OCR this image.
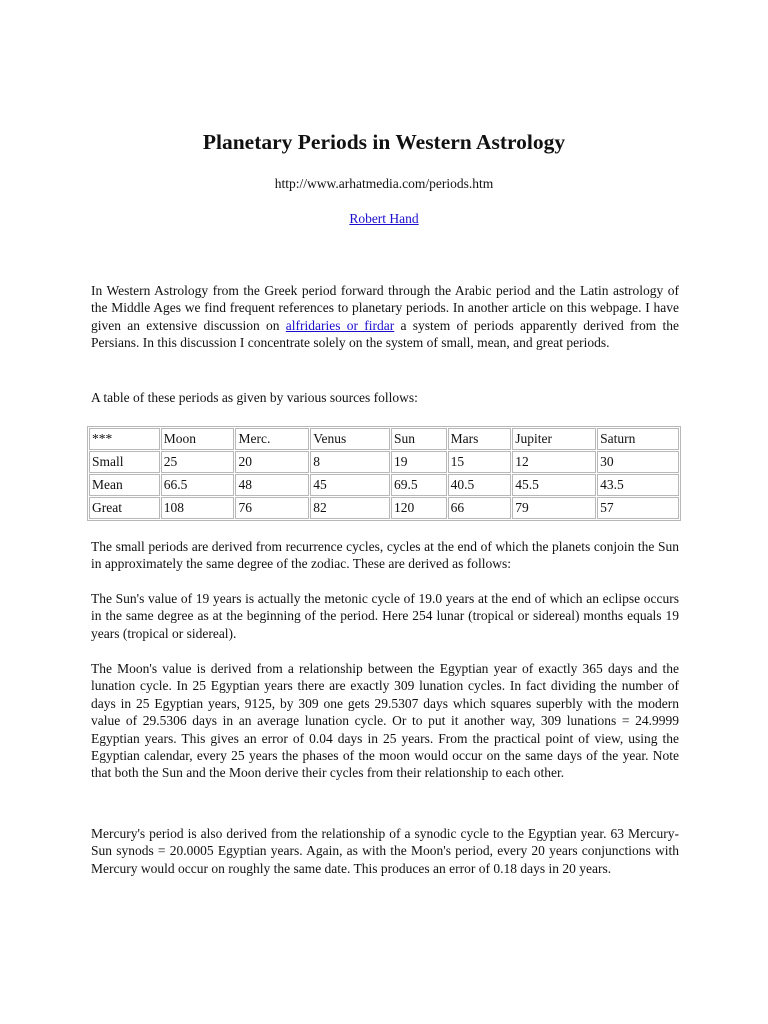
Planetary Periods in Western Astrology
http://www.arhatmedia.com/periods.htm
Robert Hand

In Western Astrology from the Greek period forward through the Arabic period and the Latin astrology of the Middle Ages we find frequent references to planetary periods. In another article on this webpage. I have given an extensive discussion on alfridaries or firdar a system of periods apparently derived from the Persians. In this discussion I concentrate solely on the system of small, mean, and great periods.

A table of these periods as given by various sources follows:

***	Moon	Merc.	Venus	Sun	Mars	Jupiter	Saturn
Small	25	20	8	19	15	12	30
Mean	66.5	48	45	69.5	40.5	45.5	43.5
Great	108	76	82	120	66	79	57

The small periods are derived from recurrence cycles, cycles at the end of which the planets conjoin the Sun in approximately the same degree of the zodiac. These are derived as follows:

The Sun's value of 19 years is actually the metonic cycle of 19.0 years at the end of which an eclipse occurs in the same degree as at the beginning of the period. Here 254 lunar (tropical or sidereal) months equals 19 years (tropical or sidereal).

The Moon's value is derived from a relationship between the Egyptian year of exactly 365 days and the lunation cycle. In 25 Egyptian years there are exactly 309 lunation cycles. In fact dividing the number of days in 25 Egyptian years, 9125, by 309 one gets 29.5307 days which squares superbly with the modern value of 29.5306 days in an average lunation cycle. Or to put it another way, 309 lunations = 24.9999 Egyptian years. This gives an error of 0.04 days in 25 years. From the practical point of view, using the Egyptian calendar, every 25 years the phases of the moon would occur on the same days of the year. Note that both the Sun and the Moon derive their cycles from their relationship to each other.

Mercury's period is also derived from the relationship of a synodic cycle to the Egyptian year. 63 Mercury-Sun synods = 20.0005 Egyptian years. Again, as with the Moon's period, every 20 years conjunctions with Mercury would occur on roughly the same date. This produces an error of 0.18 days in 20 years.
